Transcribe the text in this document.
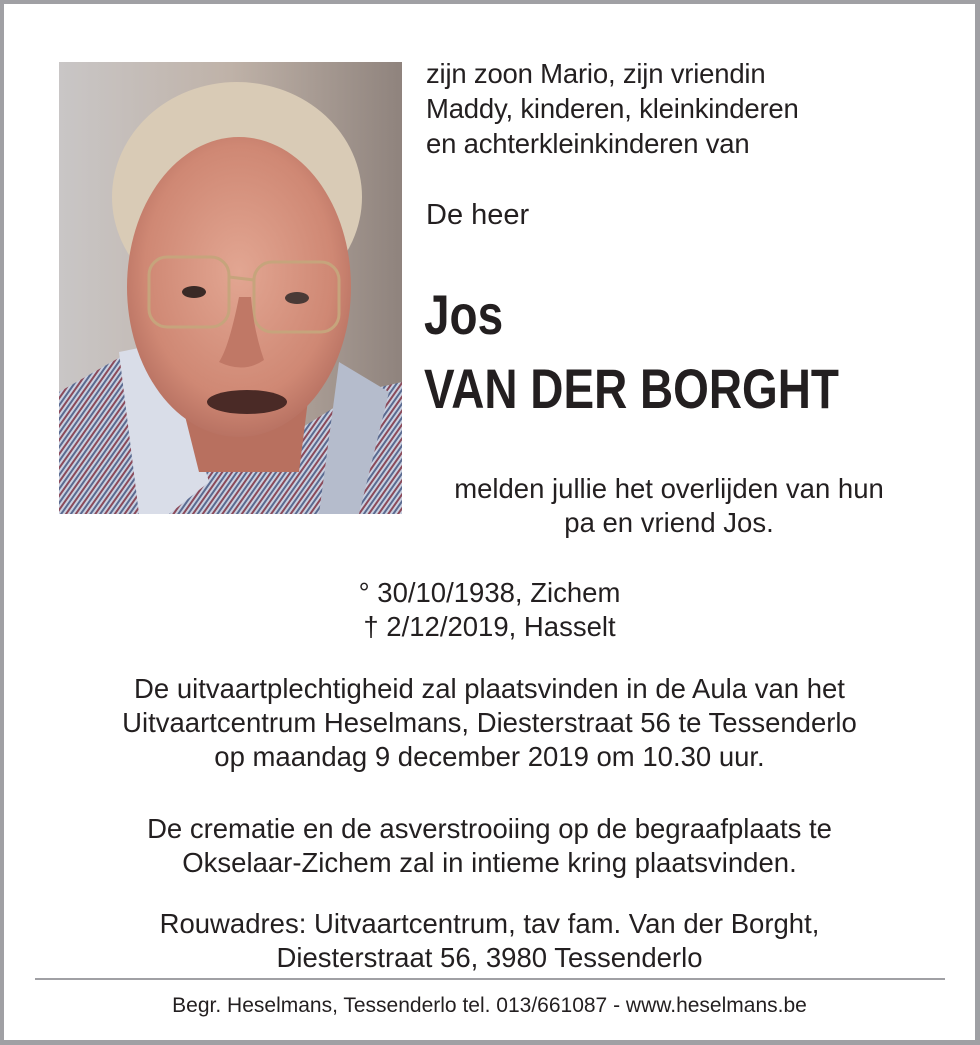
zijn zoon Mario, zijn vriendin
Maddy, kinderen, kleinkinderen
en achterkleinkinderen van
De heer
Jos
VAN DER BORGHT
melden jullie het overlijden van hun
pa en vriend Jos.
° 30/10/1938, Zichem
† 2/12/2019, Hasselt
De uitvaartplechtigheid zal plaatsvinden in de Aula van het
Uitvaartcentrum Heselmans, Diesterstraat 56 te Tessenderlo
op maandag 9 december 2019 om 10.30 uur.
De crematie en de asverstrooiing op de begraafplaats te
Okselaar-Zichem zal in intieme kring plaatsvinden.
Rouwadres: Uitvaartcentrum, tav fam. Van der Borght,
Diesterstraat 56, 3980 Tessenderlo
Begr. Heselmans, Tessenderlo tel. 013/661087 - www.heselmans.be
